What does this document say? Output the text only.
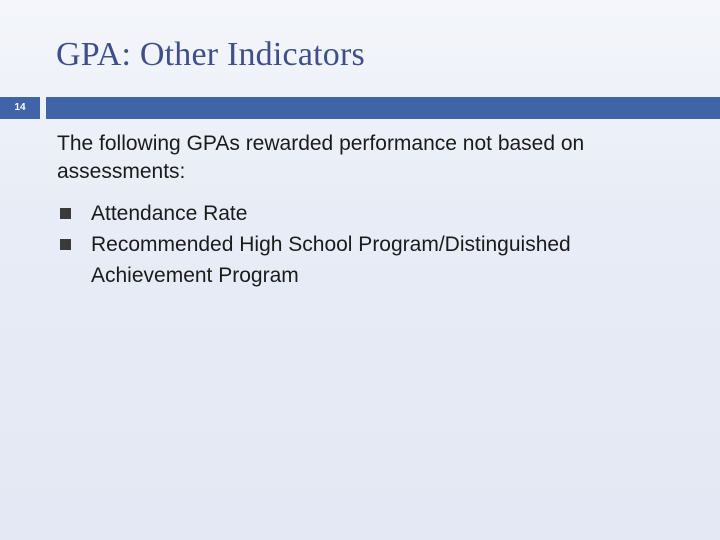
GPA: Other Indicators
14

The following GPAs rewarded performance not based on assessments:

Attendance Rate
Recommended High School Program/Distinguished Achievement Program
